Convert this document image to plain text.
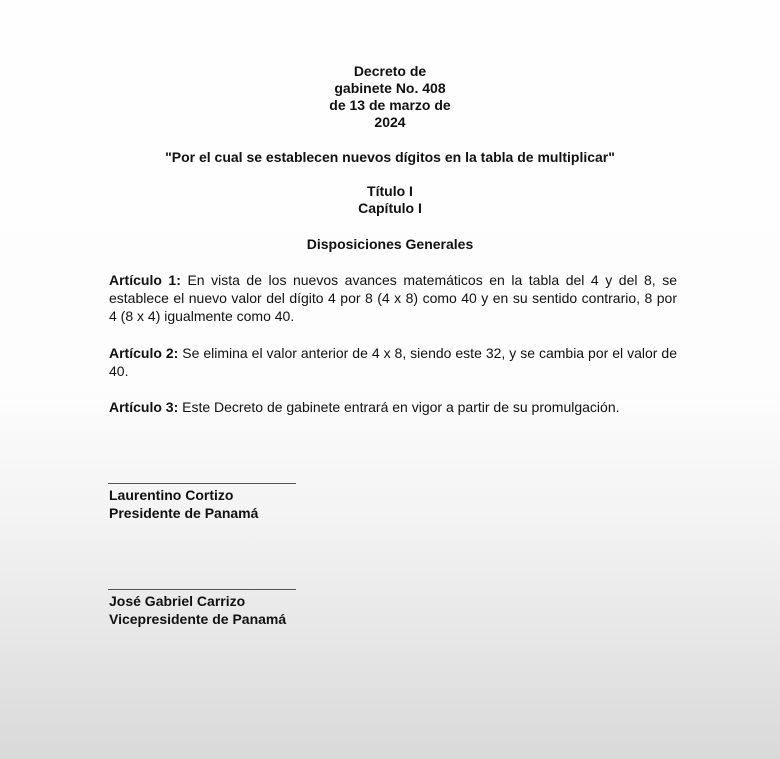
Decreto de
gabinete No. 408
de 13 de marzo de
2024
"Por el cual se establecen nuevos dígitos en la tabla de multiplicar"
Título I
Capítulo I
Disposiciones Generales
Artículo 1: En vista de los nuevos avances matemáticos en la tabla del 4 y del 8, se establece el nuevo valor del dígito 4 por 8 (4 x 8) como 40 y en su sentido contrario, 8 por 4 (8 x 4) igualmente como 40.
Artículo 2: Se elimina el valor anterior de 4 x 8, siendo este 32, y se cambia por el valor de 40.
Artículo 3: Este Decreto de gabinete entrará en vigor a partir de su promulgación.
Laurentino Cortizo
Presidente de Panamá
José Gabriel Carrizo
Vicepresidente de Panamá
